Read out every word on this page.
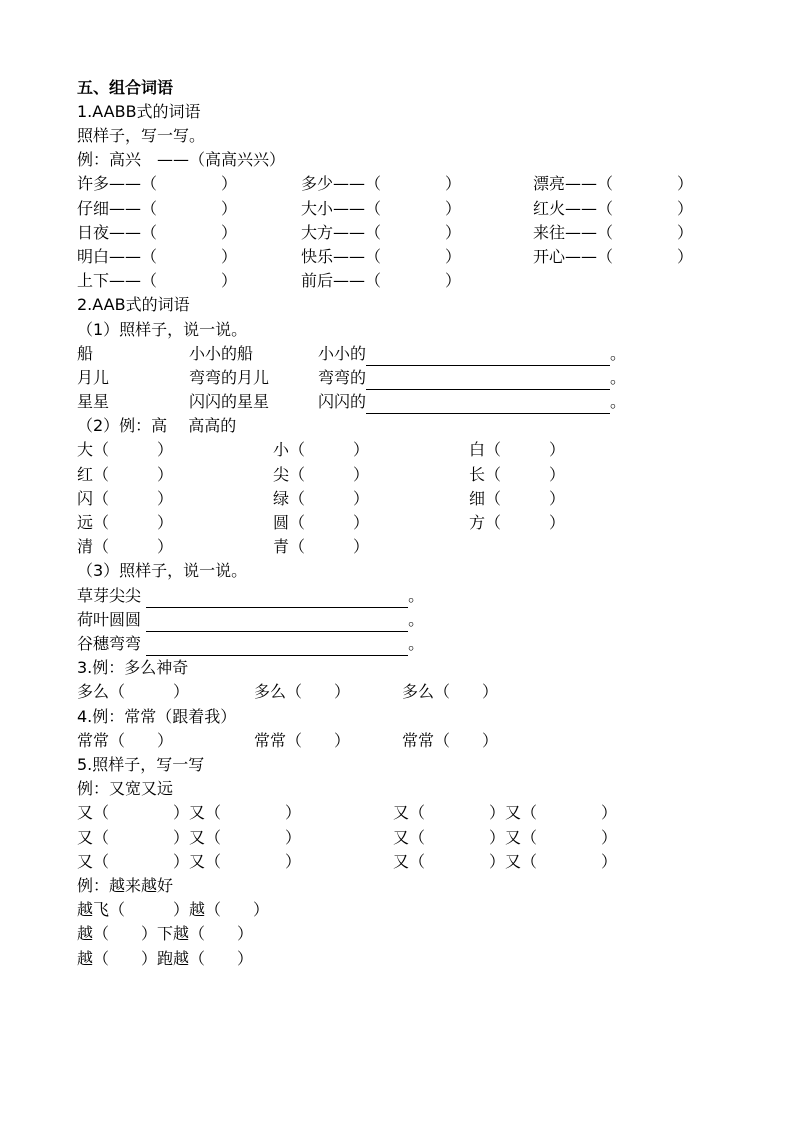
五、组合词语
1.AABB式的词语
照样子，写一写。
例：高兴　——（高高兴兴）
许多——（　　　　）	多少——（　　　　）	漂亮——（　　　　）
仔细——（　　　　）	大小——（　　　　）	红火——（　　　　）
日夜——（　　　　）	大方——（　　　　）	来往——（　　　　）
明白——（　　　　）	快乐——（　　　　）	开心——（　　　　）
上下——（　　　　）	前后——（　　　　）
2.AAB式的词语
（1）照样子，说一说。
船	小小的船	小小的	。
月儿	弯弯的月儿	弯弯的	。
星星	闪闪的星星	闪闪的	。
（2）例：高　 高高的
大（　　　）	小（　　　）	白（　　　）
红（　　　）	尖（　　　）	长（　　　）
闪（　　　）	绿（　　　）	细（　　　）
远（　　　）	圆（　　　）	方（　　　）
清（　　　）	青（　　　）
（3）照样子，说一说。
草芽尖尖	。
荷叶圆圆	。
谷穗弯弯	。
3.例：多么神奇
多么（　　　）	多么（　　）	多么（　　）
4.例：常常（跟着我）
常常（　　）	常常（　　）	常常（　　）
5.照样子，写一写
例：又宽又远
又（　　　　）又（　　　　）	又（　　　　）又（　　　　）
又（　　　　）又（　　　　）	又（　　　　）又（　　　　）
又（　　　　）又（　　　　）	又（　　　　）又（　　　　）
例：越来越好
越飞（　　　）越（　　）
越（　　）下越（　　）
越（　　）跑越（　　）
